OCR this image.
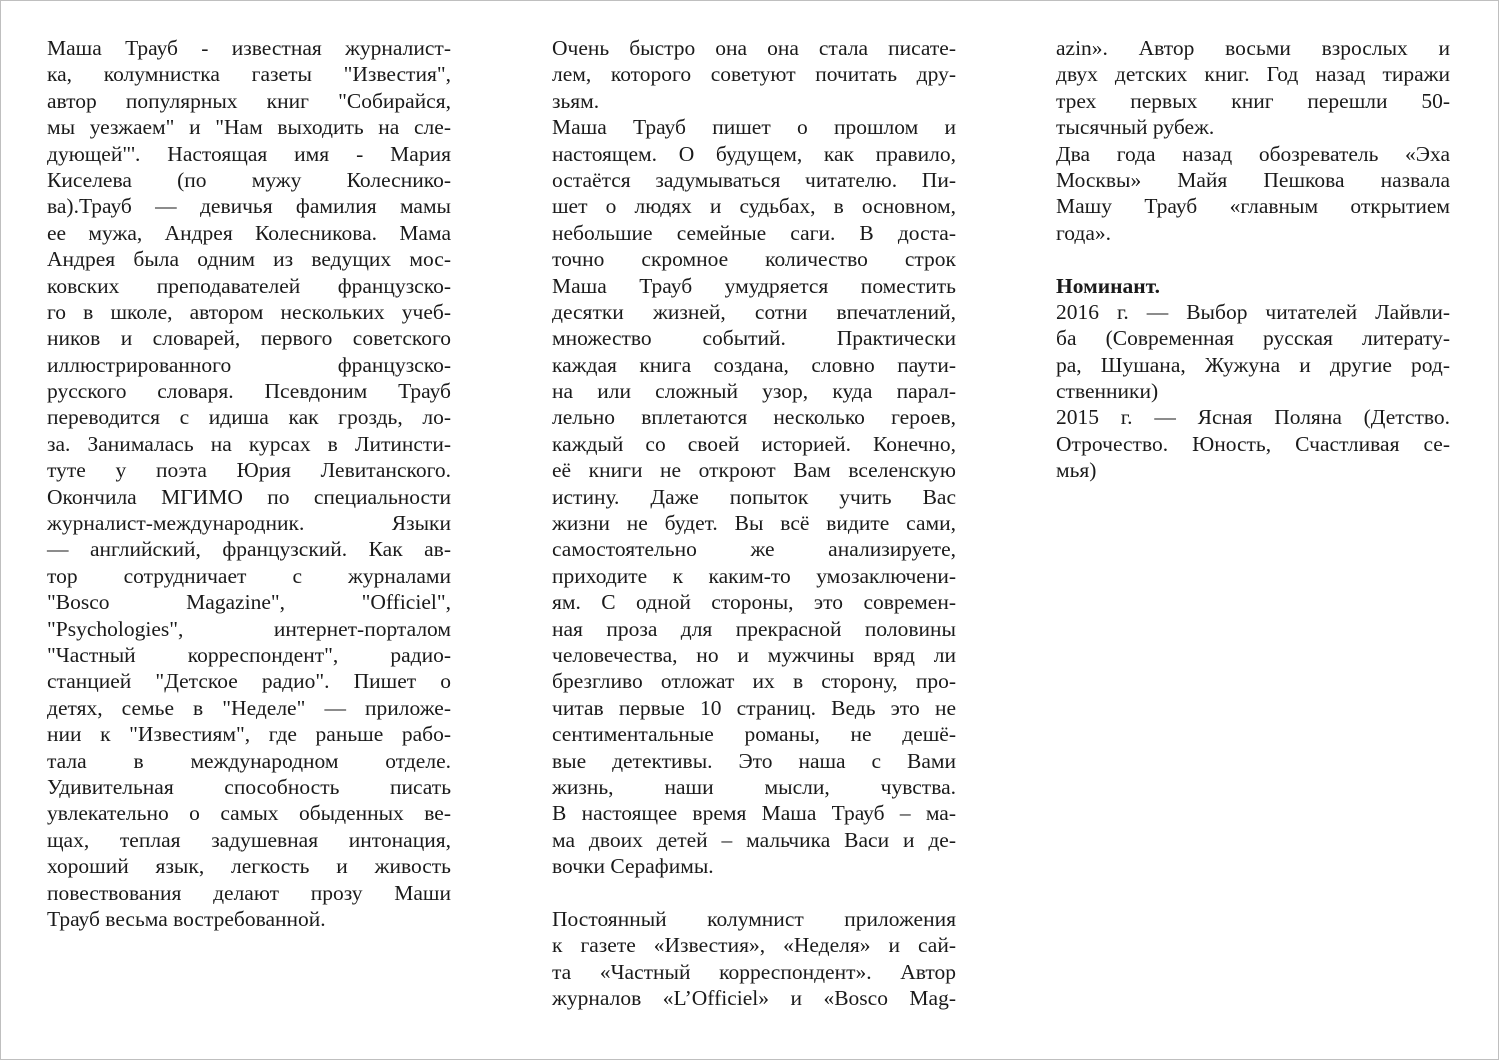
Маша Трауб - известная журналист-
ка, колумнистка газеты "Известия",
автор популярных книг "Собирайся,
мы уезжаем" и "Нам выходить на сле-
дующей"'. Настоящая имя - Мария
Киселева (по мужу Колеснико-
ва).Трауб — девичья фамилия мамы
ее мужа, Андрея Колесникова. Мама
Андрея была одним из ведущих мос-
ковских преподавателей французско-
го в школе, автором нескольких учеб-
ников и словарей, первого советского
иллюстрированного французско-
русского словаря. Псевдоним Трауб
переводится с идиша как гроздь, ло-
за. Занималась на курсах в Литинсти-
туте у поэта Юрия Левитанского.
Окончила МГИМО по специальности
журналист-международник. Языки
— английский, французский. Как ав-
тор сотрудничает с журналами
"Bosco Magazine", "Officiel",
"Psychologies", интернет-порталом
"Частный корреспондент", радио-
станцией "Детское радио". Пишет о
детях, семье в "Неделе" — приложе-
нии к "Известиям", где раньше рабо-
тала в международном отделе.
Удивительная способность писать
увлекательно о самых обыденных ве-
щах, теплая задушевная интонация,
хороший язык, легкость и живость
повествования делают прозу Маши
Трауб весьма востребованной.
Очень быстро она она стала писате-
лем, которого советуют почитать дру-
зьям.
Маша Трауб пишет о прошлом и
настоящем. О будущем, как правило,
остаётся задумываться читателю. Пи-
шет о людях и судьбах, в основном,
небольшие семейные саги. В доста-
точно скромное количество строк
Маша Трауб умудряется поместить
десятки жизней, сотни впечатлений,
множество событий. Практически
каждая книга создана, словно паути-
на или сложный узор, куда парал-
лельно вплетаются несколько героев,
каждый со своей историей. Конечно,
её книги не откроют Вам вселенскую
истину. Даже попыток учить Вас
жизни не будет. Вы всё видите сами,
самостоятельно же анализируете,
приходите к каким-то умозаключени-
ям. С одной стороны, это современ-
ная проза для прекрасной половины
человечества, но и мужчины вряд ли
брезгливо отложат их в сторону, про-
читав первые 10 страниц. Ведь это не
сентиментальные романы, не дешё-
вые детективы. Это наша с Вами
жизнь, наши мысли, чувства.
В настоящее время Маша Трауб – ма-
ма двоих детей – мальчика Васи и де-
вочки Серафимы.
Постоянный колумнист приложения
к газете «Известия», «Неделя» и сай-
та «Частный корреспондент». Автор
журналов «L’Officiel» и «Bosco Mag-
azin». Автор восьми взрослых и
двух детских книг. Год назад тиражи
трех первых книг перешли 50-
тысячный рубеж.
Два года назад обозреватель «Эха
Москвы» Майя Пешкова назвала
Машу Трауб «главным открытием
года».
Номинант.
2016 г. — Выбор читателей Лайвли-
ба (Современная русская литерату-
ра, Шушана, Жужуна и другие род-
ственники)
2015 г. — Ясная Поляна (Детство.
Отрочество. Юность, Счастливая се-
мья)
